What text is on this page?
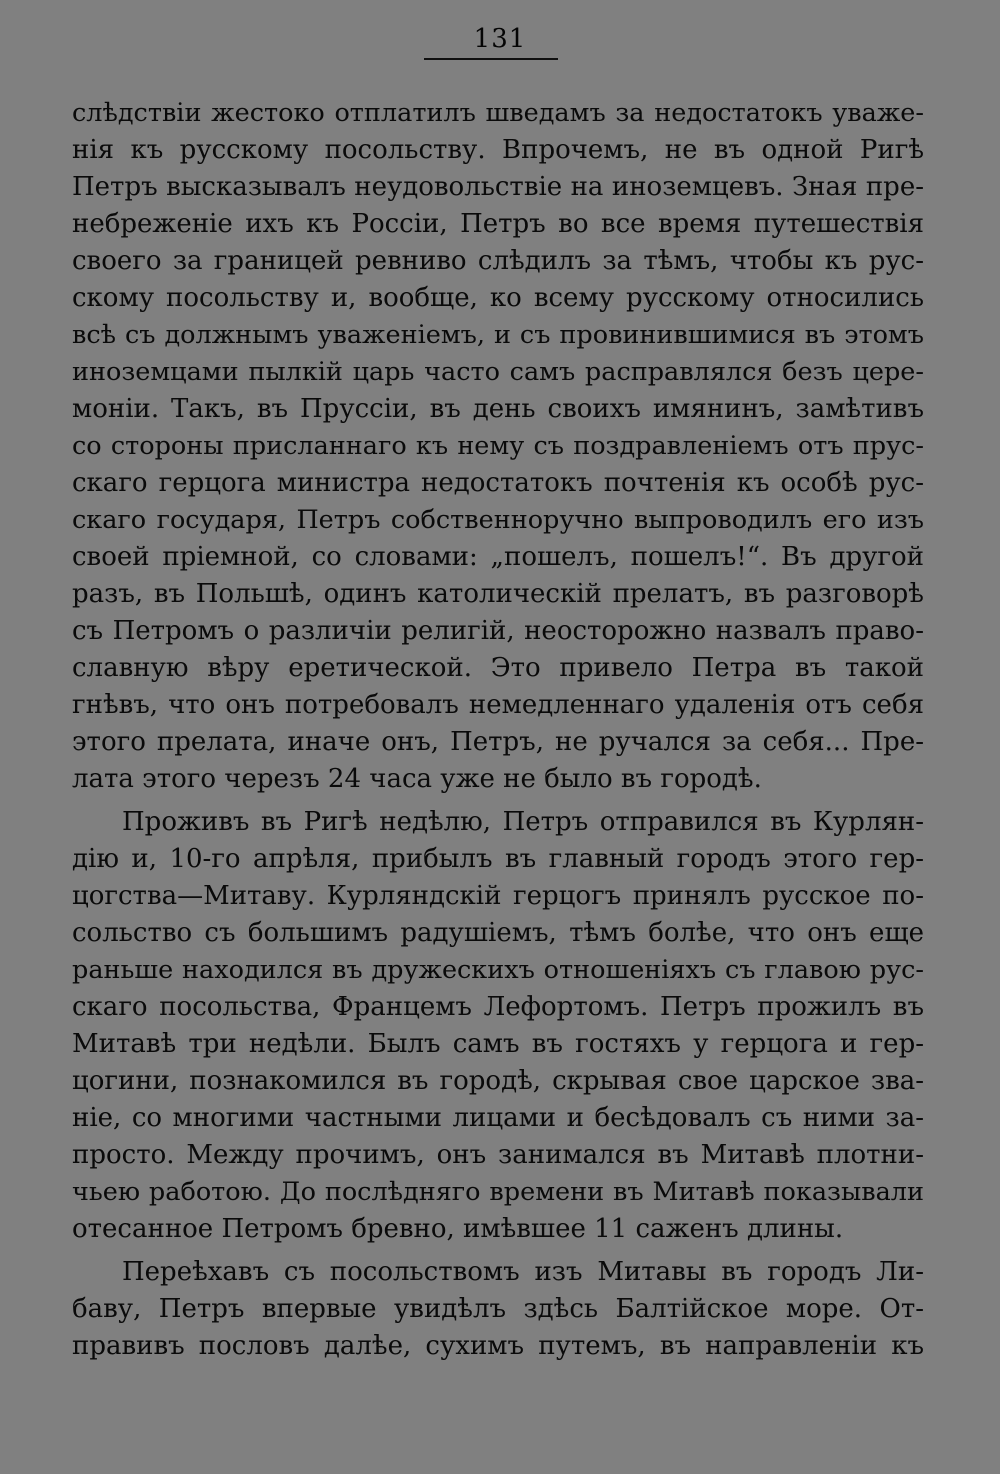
131
слѣдствіи жестоко отплатилъ шведамъ за недостатокъ уваже-
нія къ русскому посольству. Впрочемъ, не въ одной Ригѣ
Петръ высказывалъ неудовольствіе на иноземцевъ. Зная пре-
небреженіе ихъ къ Россіи, Петръ во все время путешествія
своего за границей ревниво слѣдилъ за тѣмъ, чтобы къ рус-
скому посольству и, вообще, ко всему русскому относились
всѣ съ должнымъ уваженіемъ, и съ провинившимися въ этомъ
иноземцами пылкій царь часто самъ расправлялся безъ цере-
моніи. Такъ, въ Пруссіи, въ день своихъ имянинъ, замѣтивъ
со стороны присланнаго къ нему съ поздравленіемъ отъ прус-
скаго герцога министра недостатокъ почтенія къ особѣ рус-
скаго государя, Петръ собственноручно выпроводилъ его изъ
своей пріемной, со словами: „пошелъ, пошелъ!“. Въ другой
разъ, въ Польшѣ, одинъ католическій прелатъ, въ разговорѣ
съ Петромъ о различіи религій, неосторожно назвалъ право-
славную вѣру еретической. Это привело Петра въ такой
гнѣвъ, что онъ потребовалъ немедленнаго удаленія отъ себя
этого прелата, иначе онъ, Петръ, не ручался за себя... Пре-
лата этого черезъ 24 часа уже не было въ городѣ.
Проживъ въ Ригѣ недѣлю, Петръ отправился въ Курлян-
дію и, 10-го апрѣля, прибылъ въ главный городъ этого гер-
цогства—Митаву. Курляндскій герцогъ принялъ русское по-
сольство съ большимъ радушіемъ, тѣмъ болѣе, что онъ еще
раньше находился въ дружескихъ отношеніяхъ съ главою рус-
скаго посольства, Францемъ Лефортомъ. Петръ прожилъ въ
Митавѣ три недѣли. Былъ самъ въ гостяхъ у герцога и гер-
цогини, познакомился въ городѣ, скрывая свое царское зва-
ніе, со многими частными лицами и бесѣдовалъ съ ними за-
просто. Между прочимъ, онъ занимался въ Митавѣ плотни-
чьею работою. До послѣдняго времени въ Митавѣ показывали
отесанное Петромъ бревно, имѣвшее 11 саженъ длины.
Переѣхавъ съ посольствомъ изъ Митавы въ городъ Ли-
баву, Петръ впервые увидѣлъ здѣсь Балтійское море. От-
правивъ пословъ далѣе, сухимъ путемъ, въ направленіи къ
